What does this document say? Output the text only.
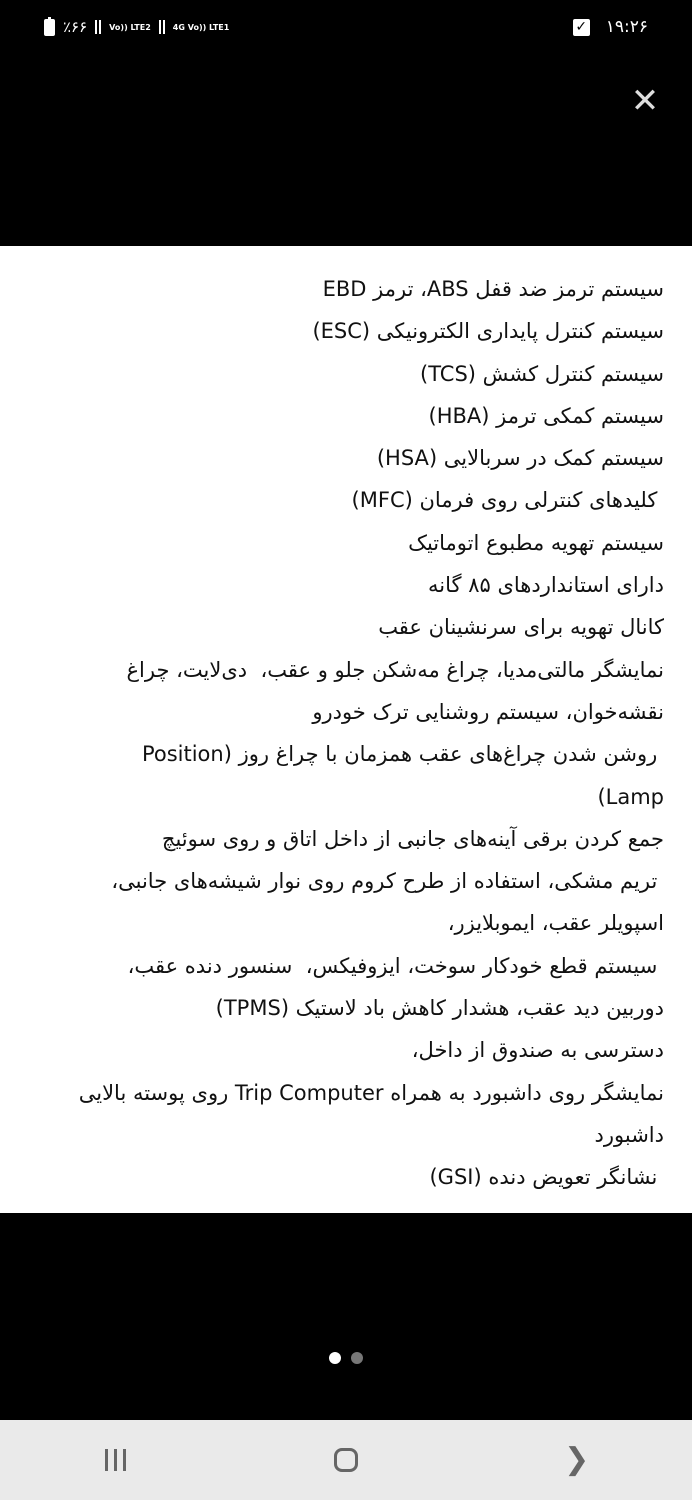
٪۶۶	Vo)) LTE2	4G Vo)) LTE1	✓ ۱۹:۲۶
✕
سیستم ترمز ضد قفل ABS، ترمز EBD
سیستم کنترل پایداری الکترونیکی (ESC)
سیستم کنترل کشش (TCS)
سیستم کمکی ترمز (HBA)
سیستم کمک در سربالایی (HSA)
کلیدهای کنترلی روی فرمان (MFC)
سیستم تهویه مطبوع اتوماتیک
دارای استانداردهای ۸۵ گانه
کانال تهویه برای سرنشینان عقب
نمایشگر مالتی‌مدیا، چراغ مه‌شکن جلو و عقب،  دی‌لایت، چراغ
نقشه‌خوان، سیستم روشنایی ترک خودرو
روشن شدن چراغ‌های عقب همزمان با چراغ روز (Position
Lamp)
جمع کردن برقی آینه‌های جانبی از داخل اتاق و روی سوئیچ
تریم مشکی، استفاده از طرح کروم روی نوار شیشه‌های جانبی،
اسپویلر عقب، ایموبلایزر،
سیستم قطع خودکار سوخت، ایزوفیکس،  سنسور دنده عقب،
دوربین دید عقب، هشدار کاهش باد لاستیک (TPMS)
دسترسی به صندوق از داخل،
نمایشگر روی داشبورد به همراه Trip Computer روی پوسته بالایی
داشبورد
نشانگر تعویض دنده (GSI)
❯
